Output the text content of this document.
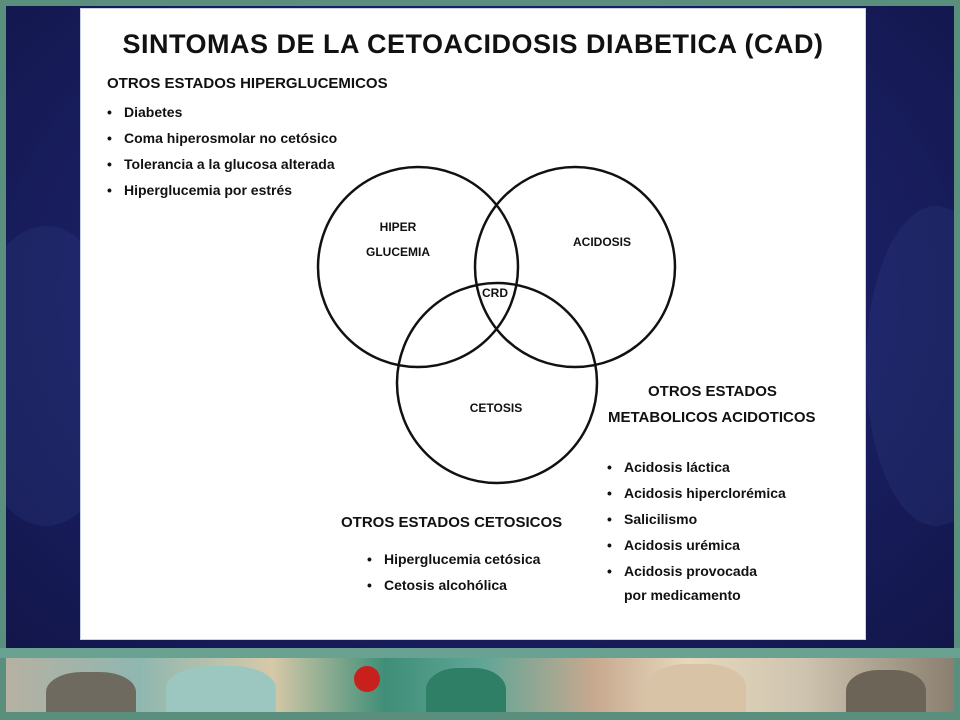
SINTOMAS DE LA CETOACIDOSIS DIABETICA (CAD)
OTROS ESTADOS HIPERGLUCEMICOS
• Diabetes
• Coma hiperosmolar no cetósico
• Tolerancia a la glucosa alterada
• Hiperglucemia por estrés
HIPER
GLUCEMIA
ACIDOSIS
CRD
CETOSIS
OTROS ESTADOS
METABOLICOS ACIDOTICOS
• Acidosis láctica
• Acidosis hiperclorémica
• Salicilismo
• Acidosis urémica
• Acidosis provocada
por medicamento
OTROS ESTADOS CETOSICOS
• Hiperglucemia cetósica
• Cetosis alcohólica
